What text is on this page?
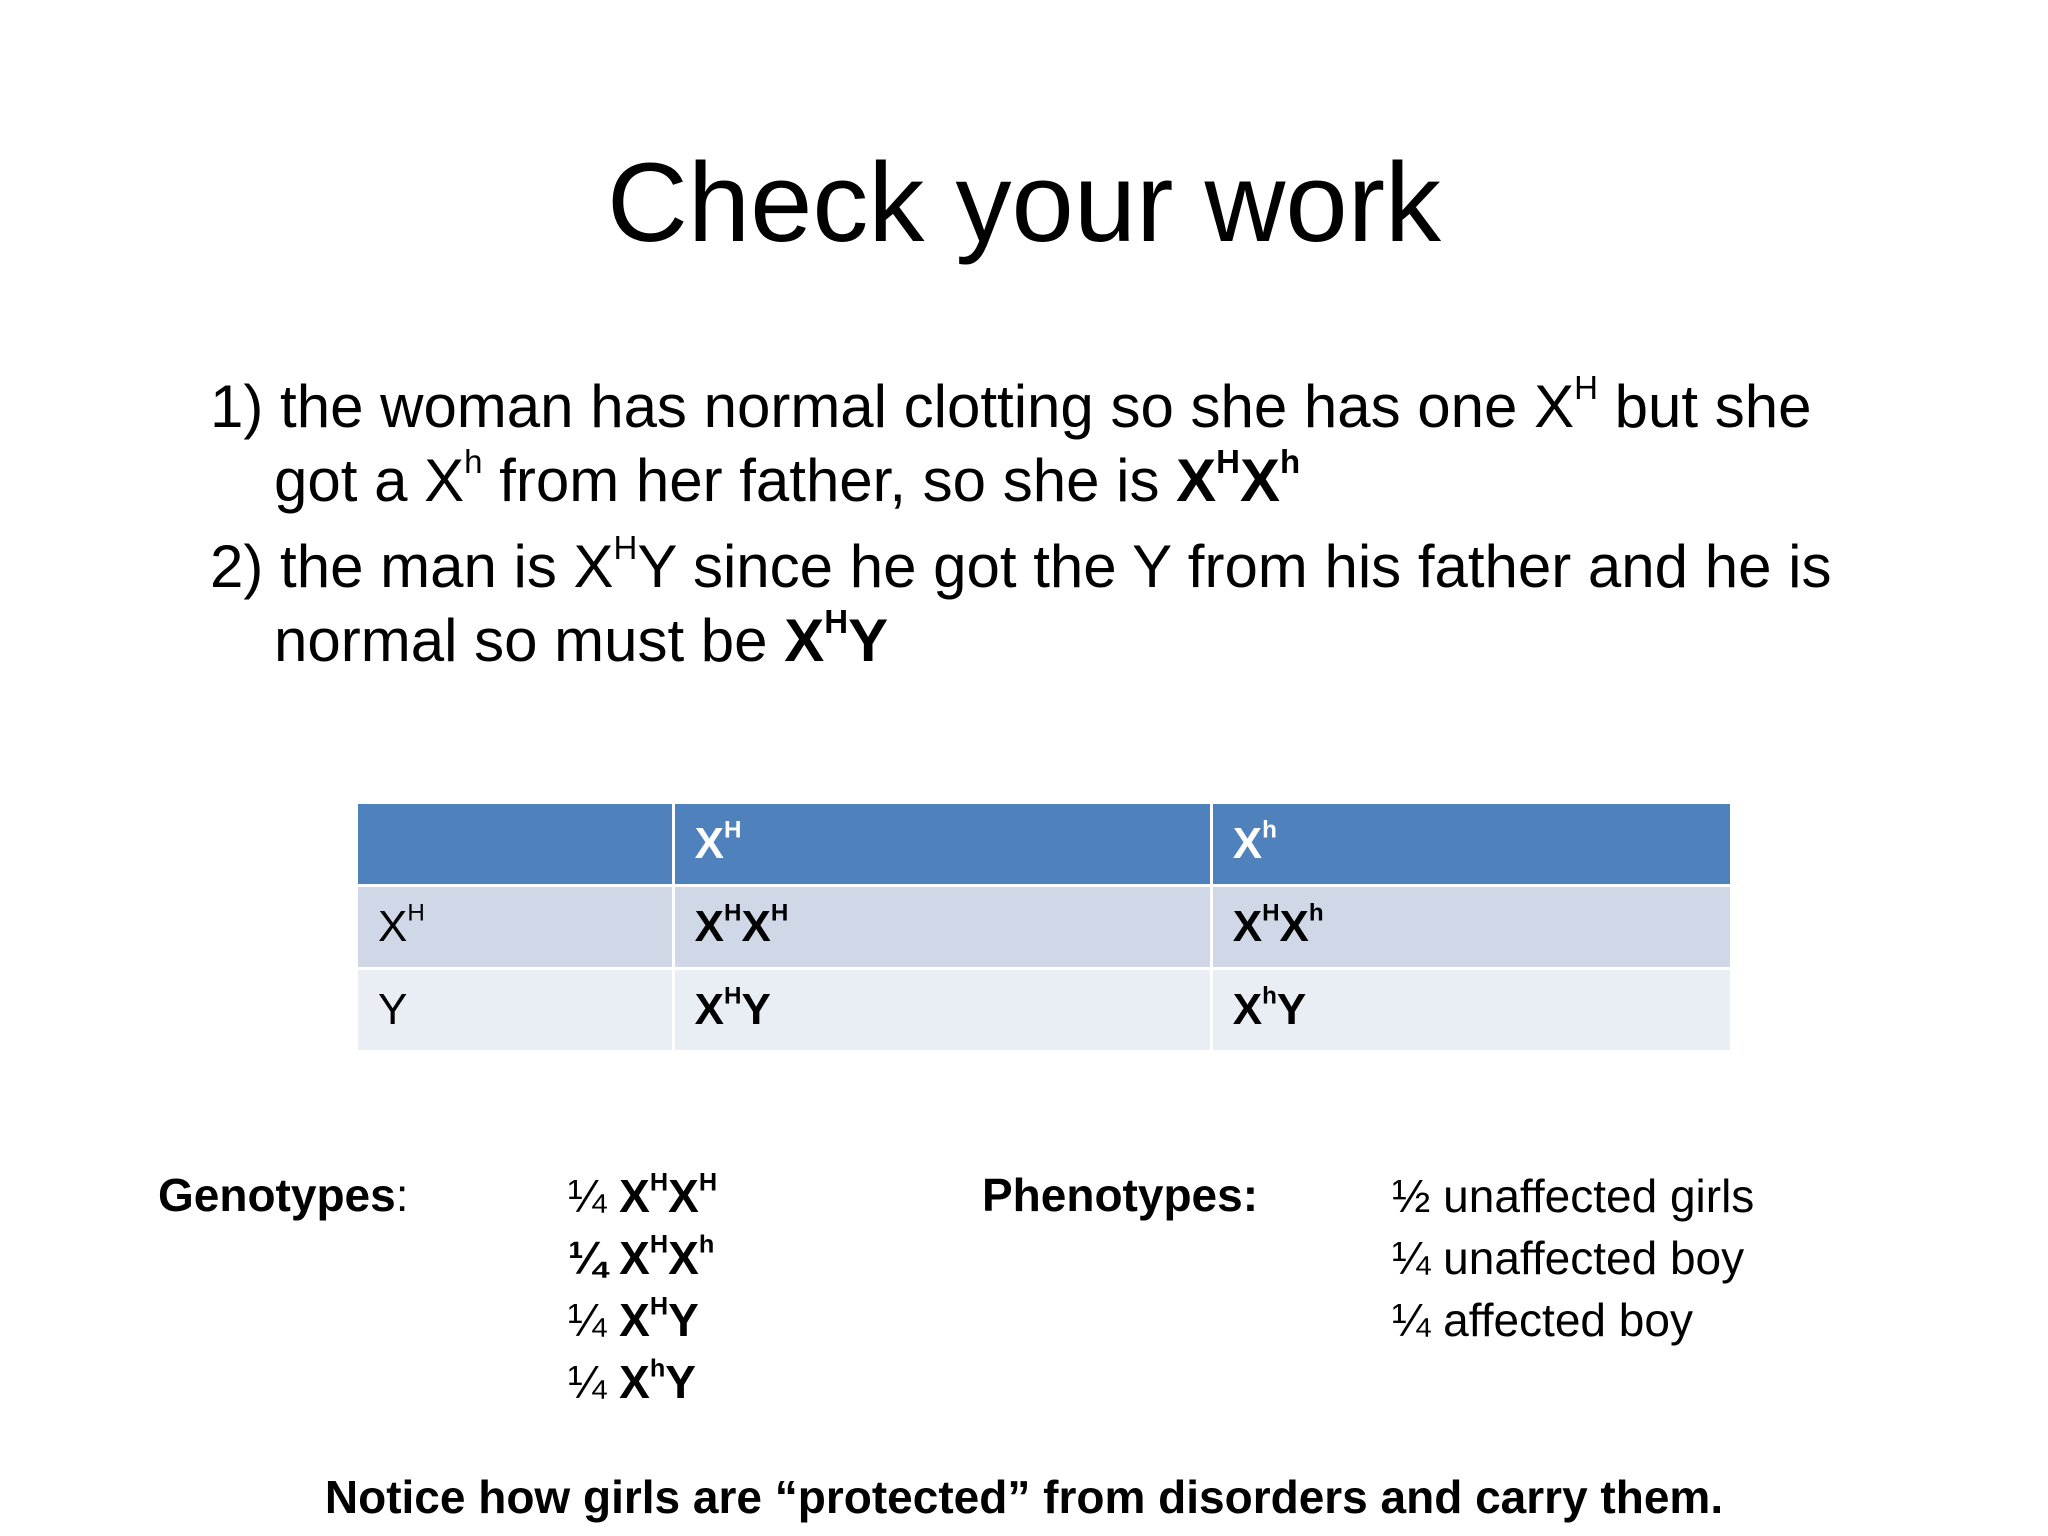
Check your work
1) the woman has normal clotting so she has one $X^H$ but she got a $X^h$ from her father, so she is $X^HX^h$
2) the man is $X^HY$ since he got the Y from his father and he is normal so must be $X^HY$
	$X^H$	$X^h$
$X^H$	$X^HX^H$	$X^HX^h$
Y	$X^HY$	$X^hY$
Genotypes:	¼ $X^HX^H$
¼ $X^HX^h$
¼ $X^HY$
¼ $X^hY$
Phenotypes:	½ unaffected girls
¼ unaffected boy
¼ affected boy
Notice how girls are “protected” from disorders and carry them.
